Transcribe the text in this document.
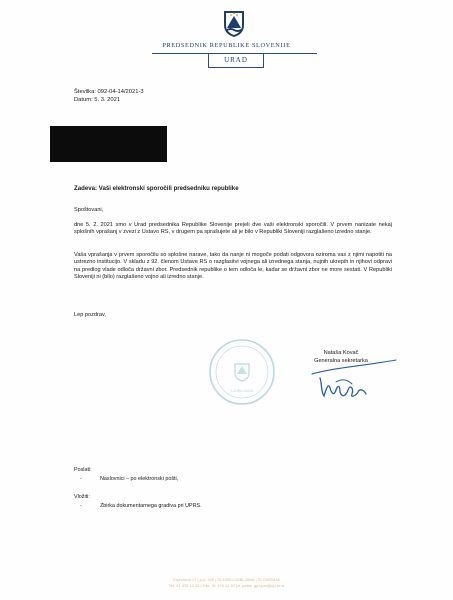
PREDSEDNIK REPUBLIKE SLOVENIJE
URAD
Številka: 092-04-14/2021-3
Datum: 5. 3. 2021
Zadeva: Vaši elektronski sporočili predsedniku republike
Spoštovani,
dne 5. 2. 2021 smo v Urad predsednika Republike Slovenije prejeli dve vaši elektronski sporočili. V prvem nanizate nekaj splošnih vprašanj v zvezi z Ustavo RS, v drugem pa sprašujete ali je bilo v Republiki Sloveniji razglašeno izredno stanje.
Vaša vprašanja v prvem sporočilu so splošne narave, tako da nanje ni mogoče podati odgovora oziroma vas z njimi napotiti na ustrezno institucijo. V skladu z 92. členom Ustave RS o razglasitvi vojnega ali izrednega stanja, nujnih ukrepih in njihovi odpravi na predlog vlade odloča državni zbor. Predsednik republike o tem odloča le, kadar se državni zbor ne more sestati. V Republiki Sloveniji ni (bilo) razglašeno vojno ali izredno stanje.
Lep pozdrav,
LJUBLJANA
Nataša Kovač
Generalna sekretarka
Poslati:
-	Naslovnici – po elektronski pošti,
Vložiti:
-	Zbirka dokumentarnega gradiva pri UPRS.
Erjavčeva 17 | p.p. 305 | SI-1000 LJUBLJANA | SLOVENIJA
Tel. 01 478 12 22 | Fax. 01 478 13 57 | e-pošta: gp.uprs@up-rs.si
